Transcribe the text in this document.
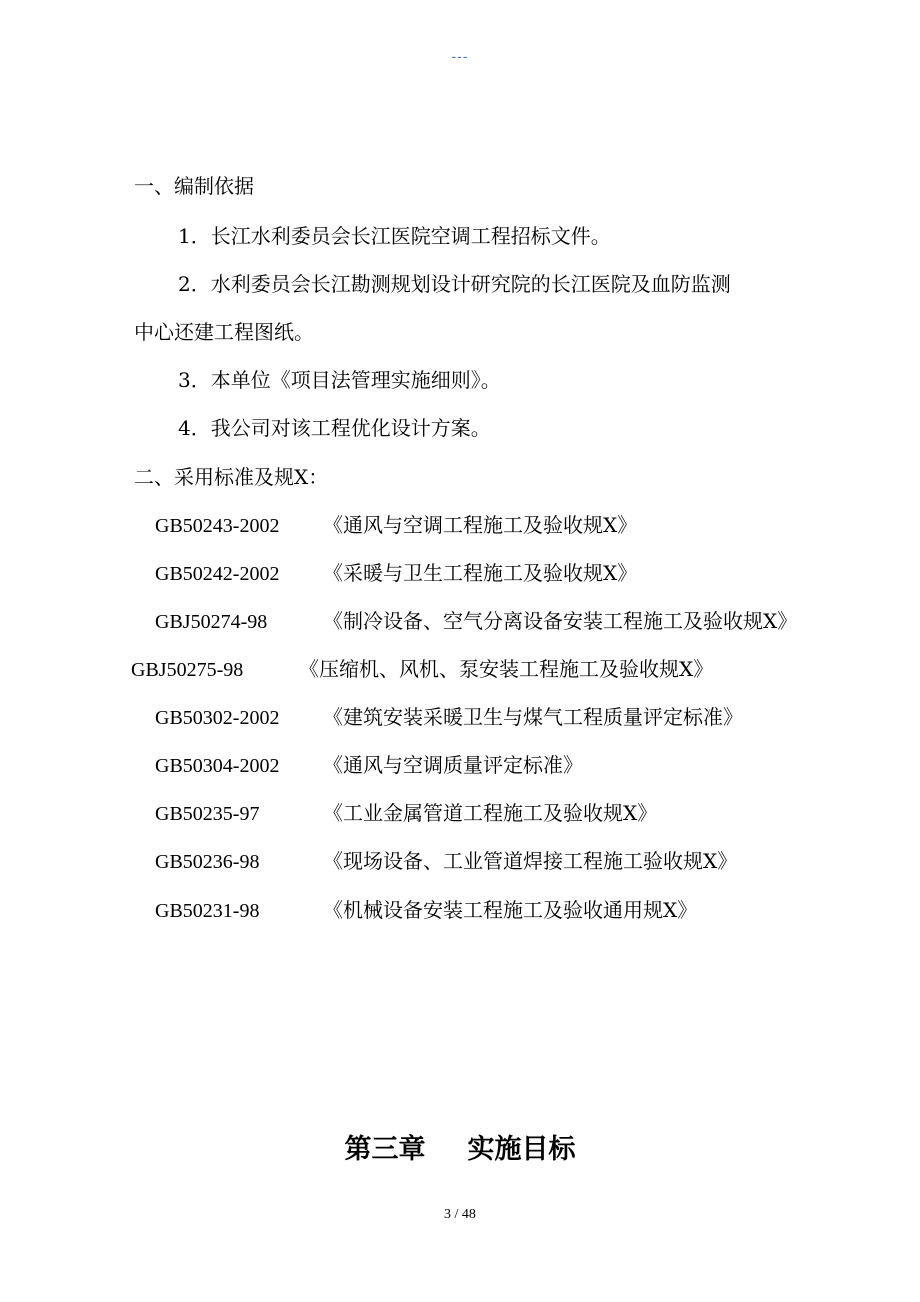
---
一、编制依据
1．长江水利委员会长江医院空调工程招标文件。
2．水利委员会长江勘测规划设计研究院的长江医院及血防监测
中心还建工程图纸。
3．本单位《项目法管理实施细则》。
4．我公司对该工程优化设计方案。
二、采用标准及规X：
GB50243-2002 《通风与空调工程施工及验收规X》
GB50242-2002 《采暖与卫生工程施工及验收规X》
GBJ50274-98	《制冷设备、空气分离设备安装工程施工及验收规X》
GBJ50275-98	《压缩机、风机、泵安装工程施工及验收规X》
GB50302-2002 《建筑安装采暖卫生与煤气工程质量评定标准》
GB50304-2002 《通风与空调质量评定标准》
GB50235-97	《工业金属管道工程施工及验收规X》
GB50236-98	《现场设备、工业管道焊接工程施工验收规X》
GB50231-98	《机械设备安装工程施工及验收通用规X》
第三章 实施目标
3 / 48
